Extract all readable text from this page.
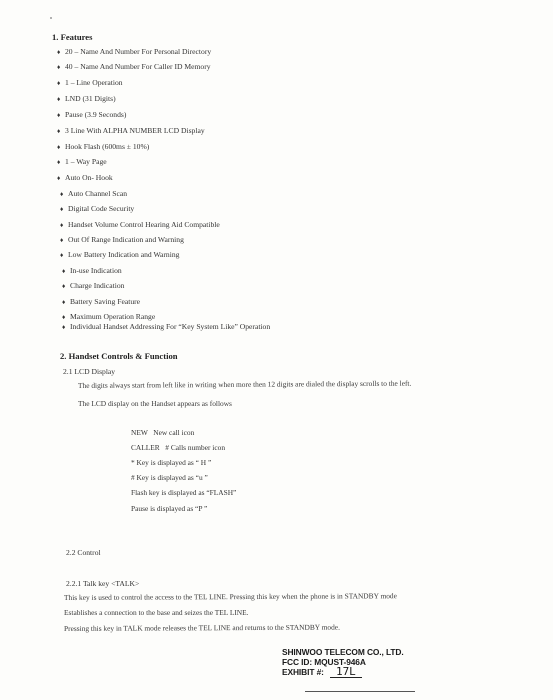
1. Features
♦ 20 – Name And Number For Personal Directory
♦ 40 – Name And Number For Caller ID Memory
♦ 1 – Line Operation
♦ LND (31 Digits)
♦ Pause (3.9 Seconds)
♦ 3 Line With ALPHA NUMBER LCD Display
♦ Hook Flash (600ms ± 10%)
♦ 1 – Way Page
♦ Auto On- Hook
♦ Auto Channel Scan
♦ Digital Code Security
♦ Handset Volume Control Hearing Aid Compatible
♦ Out Of Range Indication and Warning
♦ Low Battery Indication and Warning
♦ In-use Indication
♦ Charge Indication
♦ Battery Saving Feature
♦ Maximum Operation Range
♦ Individual Handset Addressing For “Key System Like” Operation
2. Handset Controls & Function
2.1 LCD Display
The digits always start from left like in writing when more then 12 digits are dialed the display scrolls to the left.
The LCD display on the Handset appears as follows
NEW   New call icon
CALLER   # Calls number icon
* Key is displayed as “ H ”
# Key is displayed as “u ”
Flash key is displayed as “FLASH”
Pause is displayed as “P ”
2.2 Control
2.2.1 Talk key <TALK>
This key is used to control the access to the TEL LINE. Pressing this key when the phone is in STANDBY mode
Establishes a connection to the base and seizes the TEL LINE.
Pressing this key in TALK mode releases the TEL LINE and returns to the STANDBY mode.
SHINWOO TELECOM CO., LTD.
FCC ID: MQUST-946A
EXHIBIT #: 17L
